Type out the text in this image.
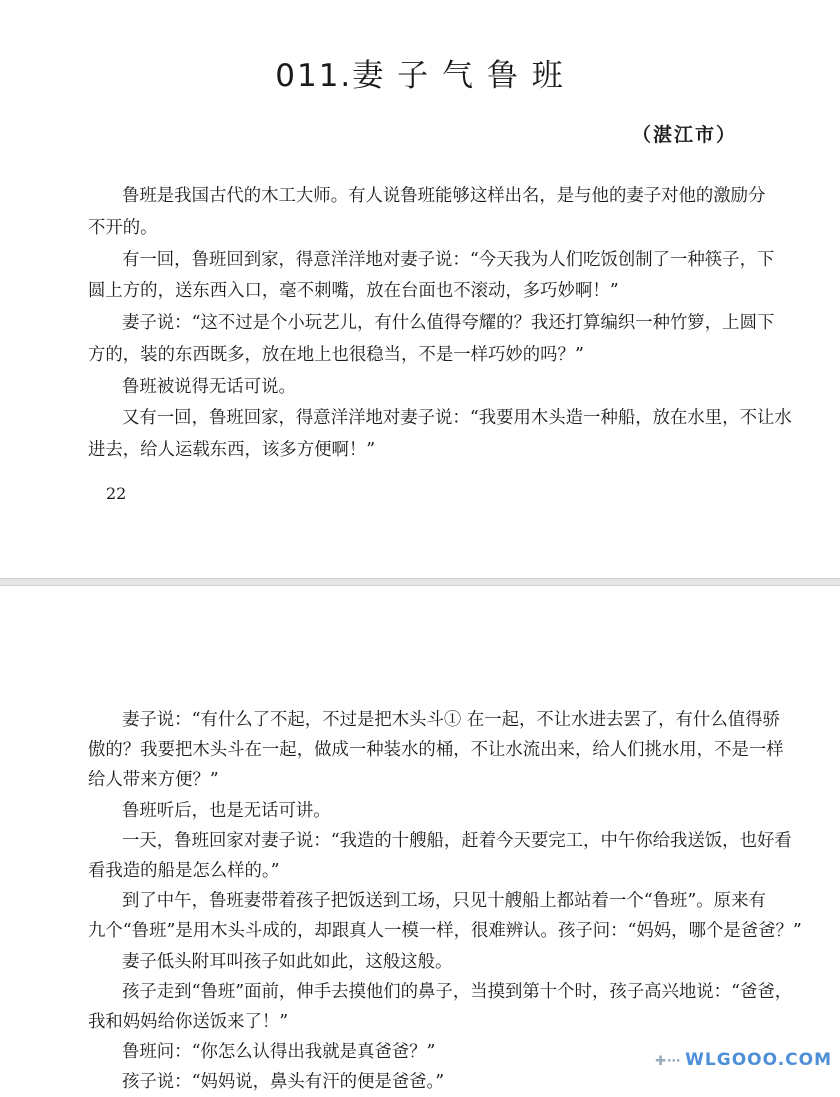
011.妻 子 气 鲁 班
（湛江市）
鲁班是我国古代的木工大师。有人说鲁班能够这样出名，是与他的妻子对他的激励分
不开的。
有一回，鲁班回到家，得意洋洋地对妻子说：“今天我为人们吃饭创制了一种筷子，下
圆上方的，送东西入口，毫不刺嘴，放在台面也不滚动，多巧妙啊！”
妻子说：“这不过是个小玩艺儿，有什么值得夸耀的？我还打算编织一种竹箩，上圆下
方的，装的东西既多，放在地上也很稳当，不是一样巧妙的吗？”
鲁班被说得无话可说。
又有一回，鲁班回家，得意洋洋地对妻子说：“我要用木头造一种船，放在水里，不让水
进去，给人运载东西，该多方便啊！”
22
妻子说：“有什么了不起，不过是把木头斗① 在一起，不让水进去罢了，有什么值得骄
傲的？我要把木头斗在一起，做成一种装水的桶，不让水流出来，给人们挑水用，不是一样
给人带来方便？”
鲁班听后，也是无话可讲。
一天，鲁班回家对妻子说：“我造的十艘船，赶着今天要完工，中午你给我送饭，也好看
看我造的船是怎么样的。”
到了中午，鲁班妻带着孩子把饭送到工场，只见十艘船上都站着一个“鲁班”。原来有
九个“鲁班”是用木头斗成的，却跟真人一模一样，很难辨认。孩子问：“妈妈，哪个是爸爸？”
妻子低头附耳叫孩子如此如此，这般这般。
孩子走到“鲁班”面前，伸手去摸他们的鼻子，当摸到第十个时，孩子高兴地说：“爸爸，
我和妈妈给你送饭来了！”
鲁班问：“你怎么认得出我就是真爸爸？”
孩子说：“妈妈说，鼻头有汗的便是爸爸。”
✚⋯ WLGOOO.COM
